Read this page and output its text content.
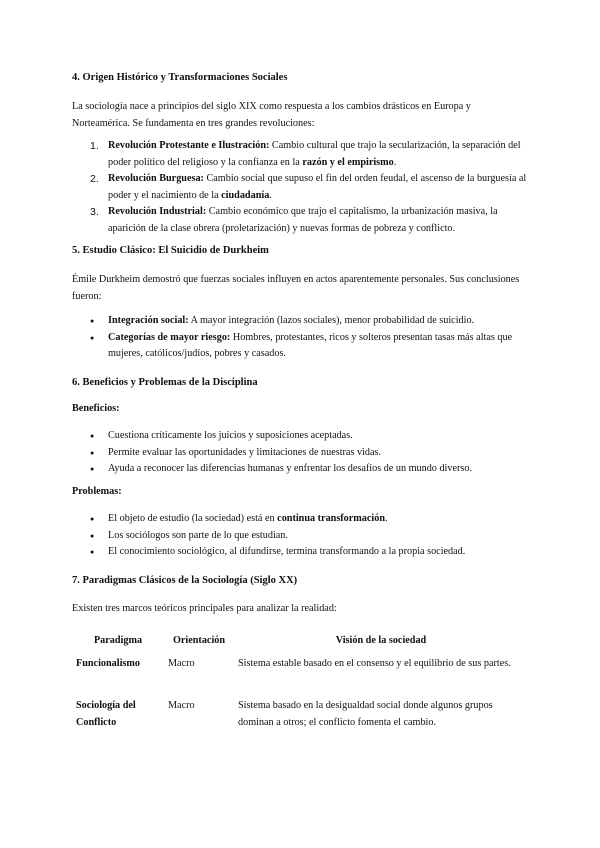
4. Origen Histórico y Transformaciones Sociales

La sociología nace a principios del siglo XIX como respuesta a los cambios drásticos en Europa y Norteamérica. Se fundamenta en tres grandes revoluciones:

1. Revolución Protestante e Ilustración: Cambio cultural que trajo la secularización, la separación del poder político del religioso y la confianza en la razón y el empirismo.
2. Revolución Burguesa: Cambio social que supuso el fin del orden feudal, el ascenso de la burguesía al poder y el nacimiento de la ciudadanía.
3. Revolución Industrial: Cambio económico que trajo el capitalismo, la urbanización masiva, la aparición de la clase obrera (proletarización) y nuevas formas de pobreza y conflicto.
5. Estudio Clásico: El Suicidio de Durkheim

Émile Durkheim demostró que fuerzas sociales influyen en actos aparentemente personales. Sus conclusiones fueron:

● Integración social: A mayor integración (lazos sociales), menor probabilidad de suicidio.
● Categorías de mayor riesgo: Hombres, protestantes, ricos y solteros presentan tasas más altas que mujeres, católicos/judíos, pobres y casados.
6. Beneficios y Problemas de la Disciplina
Beneficios:
● Cuestiona críticamente los juicios y suposiciones aceptadas.
● Permite evaluar las oportunidades y limitaciones de nuestras vidas.
● Ayuda a reconocer las diferencias humanas y enfrentar los desafíos de un mundo diverso.
Problemas:
● El objeto de estudio (la sociedad) está en continua transformación.
● Los sociólogos son parte de lo que estudian.
● El conocimiento sociológico, al difundirse, termina transformando a la propia sociedad.
7. Paradigmas Clásicos de la Sociología (Siglo XX)

Existen tres marcos teóricos principales para analizar la realidad:

Paradigma	Orientación	Visión de la sociedad
Funcionalismo	Macro	Sistema estable basado en el consenso y el equilibrio de sus partes.
Sociología del Conflicto	Macro	Sistema basado en la desigualdad social donde algunos grupos dominan a otros; el conflicto fomenta el cambio.
